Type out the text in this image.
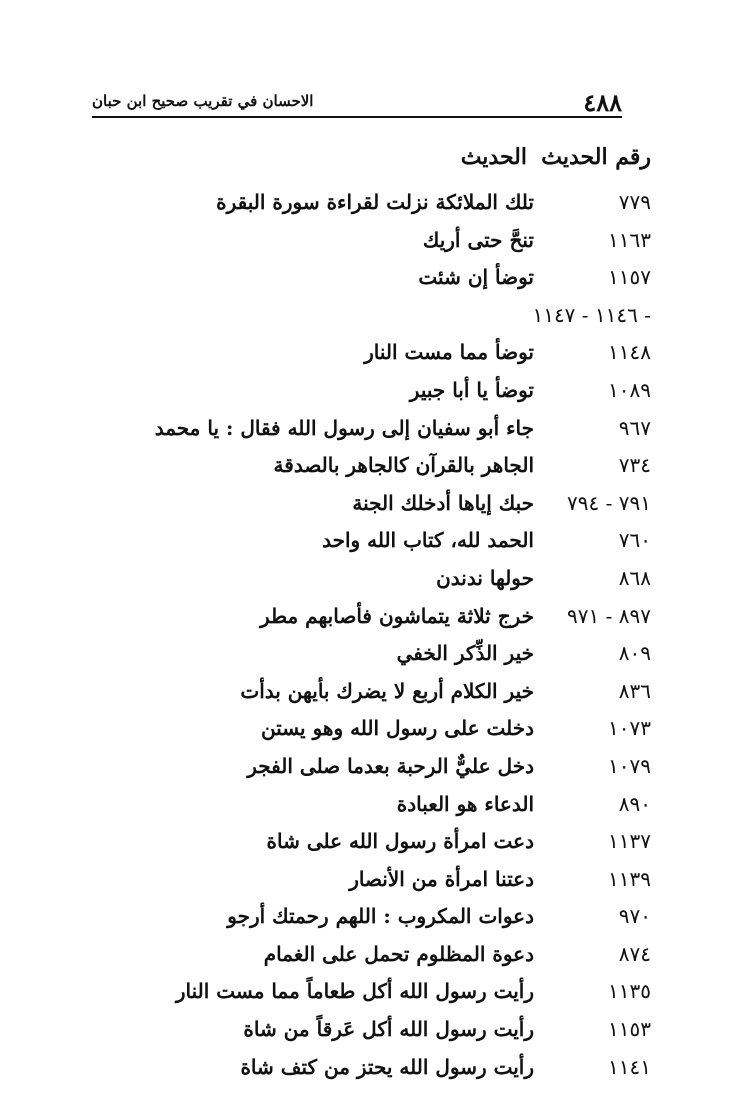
٤٨٨
الاحسان في تقريب صحيح ابن حبان
رقم الحديث
الحديث
٧٧٩
تلك الملائكة نزلت لقراءة سورة البقرة
١١٦٣
تنحَّ حتى أريك
١١٥٧
توضأ إن شئت
- ١١٤٦ - ١١٤٧
١١٤٨
توضأ مما مست النار
١٠٨٩
توضأ يا أبا جبير
٩٦٧
جاء أبو سفيان إلى رسول الله فقال : يا محمد
٧٣٤
الجاهر بالقرآن كالجاهر بالصدقة
٧٩١ - ٧٩٤
حبك إياها أدخلك الجنة
٧٦٠
الحمد لله، كتاب الله واحد
٨٦٨
حولها ندندن
٨٩٧ - ٩٧١
خرج ثلاثة يتماشون فأصابهم مطر
٨٠٩
خير الذِّكر الخفي
٨٣٦
خير الكلام أربع لا يضرك بأيهن بدأت
١٠٧٣
دخلت على رسول الله وهو يستن
١٠٧٩
دخل عليٌّ الرحبة بعدما صلى الفجر
٨٩٠
الدعاء هو العبادة
١١٣٧
دعت امرأة رسول الله على شاة
١١٣٩
دعتنا امرأة من الأنصار
٩٧٠
دعوات المكروب : اللهم رحمتك أرجو
٨٧٤
دعوة المظلوم تحمل على الغمام
١١٣٥
رأيت رسول الله أكل طعاماً مما مست النار
١١٥٣
رأيت رسول الله أكل عَرقاً من شاة
١١٤١
رأيت رسول الله يحتز من كتف شاة
